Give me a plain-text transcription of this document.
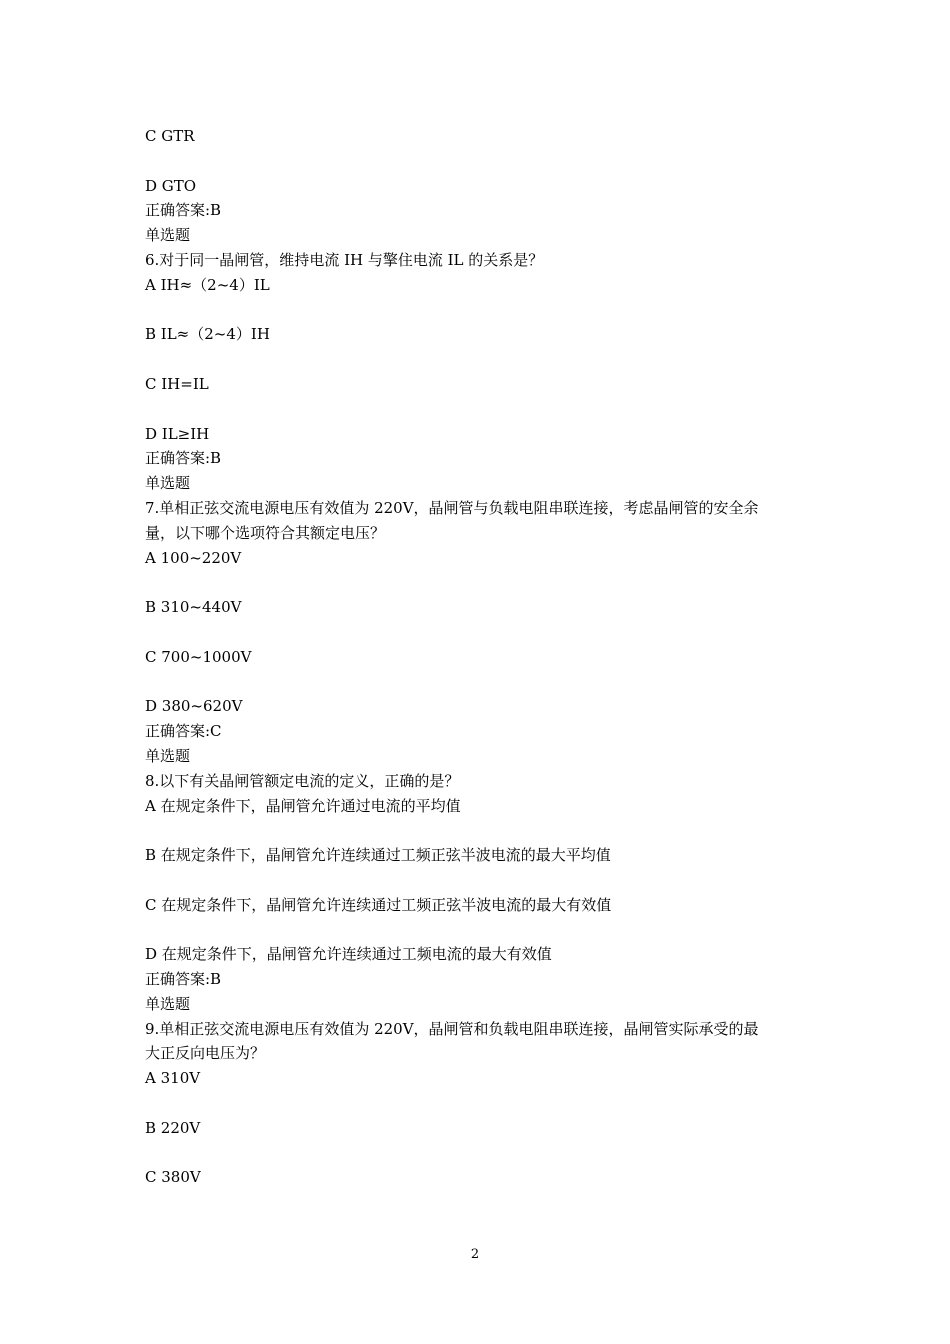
C GTR
D GTO
正确答案:B
单选题
6.对于同一晶闸管，维持电流 IH 与擎住电流 IL 的关系是？
A IH≈（2~4）IL
B IL≈（2~4）IH
C IH=IL
D IL≥IH
正确答案:B
单选题
7.单相正弦交流电源电压有效值为 220V，晶闸管与负载电阻串联连接，考虑晶闸管的安全余
量，以下哪个选项符合其额定电压？
A 100~220V
B 310~440V
C 700~1000V
D 380~620V
正确答案:C
单选题
8.以下有关晶闸管额定电流的定义，正确的是？
A 在规定条件下，晶闸管允许通过电流的平均值
B 在规定条件下，晶闸管允许连续通过工频正弦半波电流的最大平均值
C 在规定条件下，晶闸管允许连续通过工频正弦半波电流的最大有效值
D 在规定条件下，晶闸管允许连续通过工频电流的最大有效值
正确答案:B
单选题
9.单相正弦交流电源电压有效值为 220V，晶闸管和负载电阻串联连接，晶闸管实际承受的最
大正反向电压为？
A 310V
B 220V
C 380V
2
